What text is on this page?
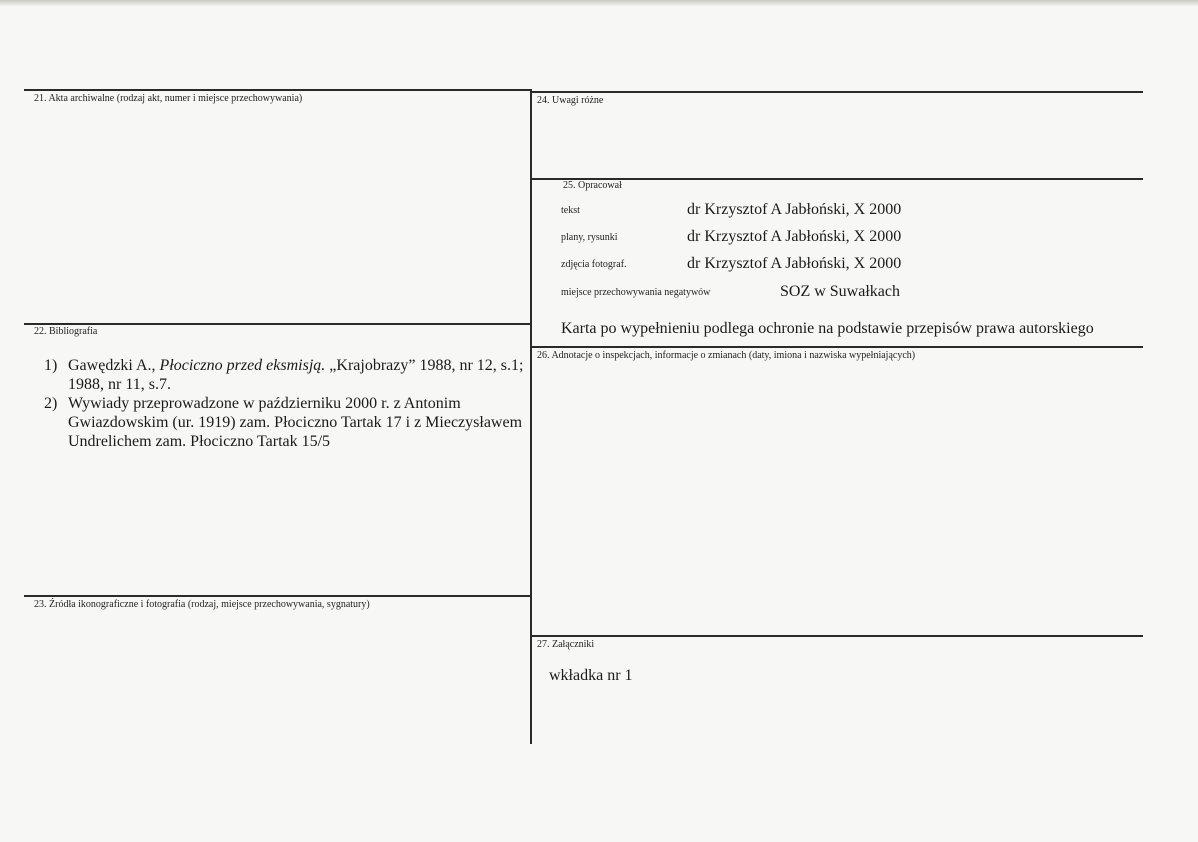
21. Akta archiwalne (rodzaj akt, numer i miejsce przechowywania)
22. Bibliografia
23. Źródła ikonograficzne i fotografia (rodzaj, miejsce przechowywania, sygnatury)
24. Uwagi różne
25. Opracował
26. Adnotacje o inspekcjach, informacje o zmianach (daty, imiona i nazwiska wypełniających)
27. Załączniki
tekst	dr Krzysztof A Jabłoński, X 2000
plany, rysunki	dr Krzysztof A Jabłoński, X 2000
zdjęcia fotograf.	dr Krzysztof A Jabłoński, X 2000
miejsce przechowywania negatywów	SOZ w Suwałkach
Karta po wypełnieniu podlega ochronie na podstawie przepisów prawa autorskiego
1) Gawędzki A., Płociczno przed eksmisją. „Krajobrazy” 1988, nr 12, s.1; 1988, nr 11, s.7.
2) Wywiady przeprowadzone w październiku 2000 r. z Antonim Gwiazdowskim (ur. 1919) zam. Płociczno Tartak 17 i z Mieczysławem Undrelichem zam. Płociczno Tartak 15/5
wkładka nr 1
